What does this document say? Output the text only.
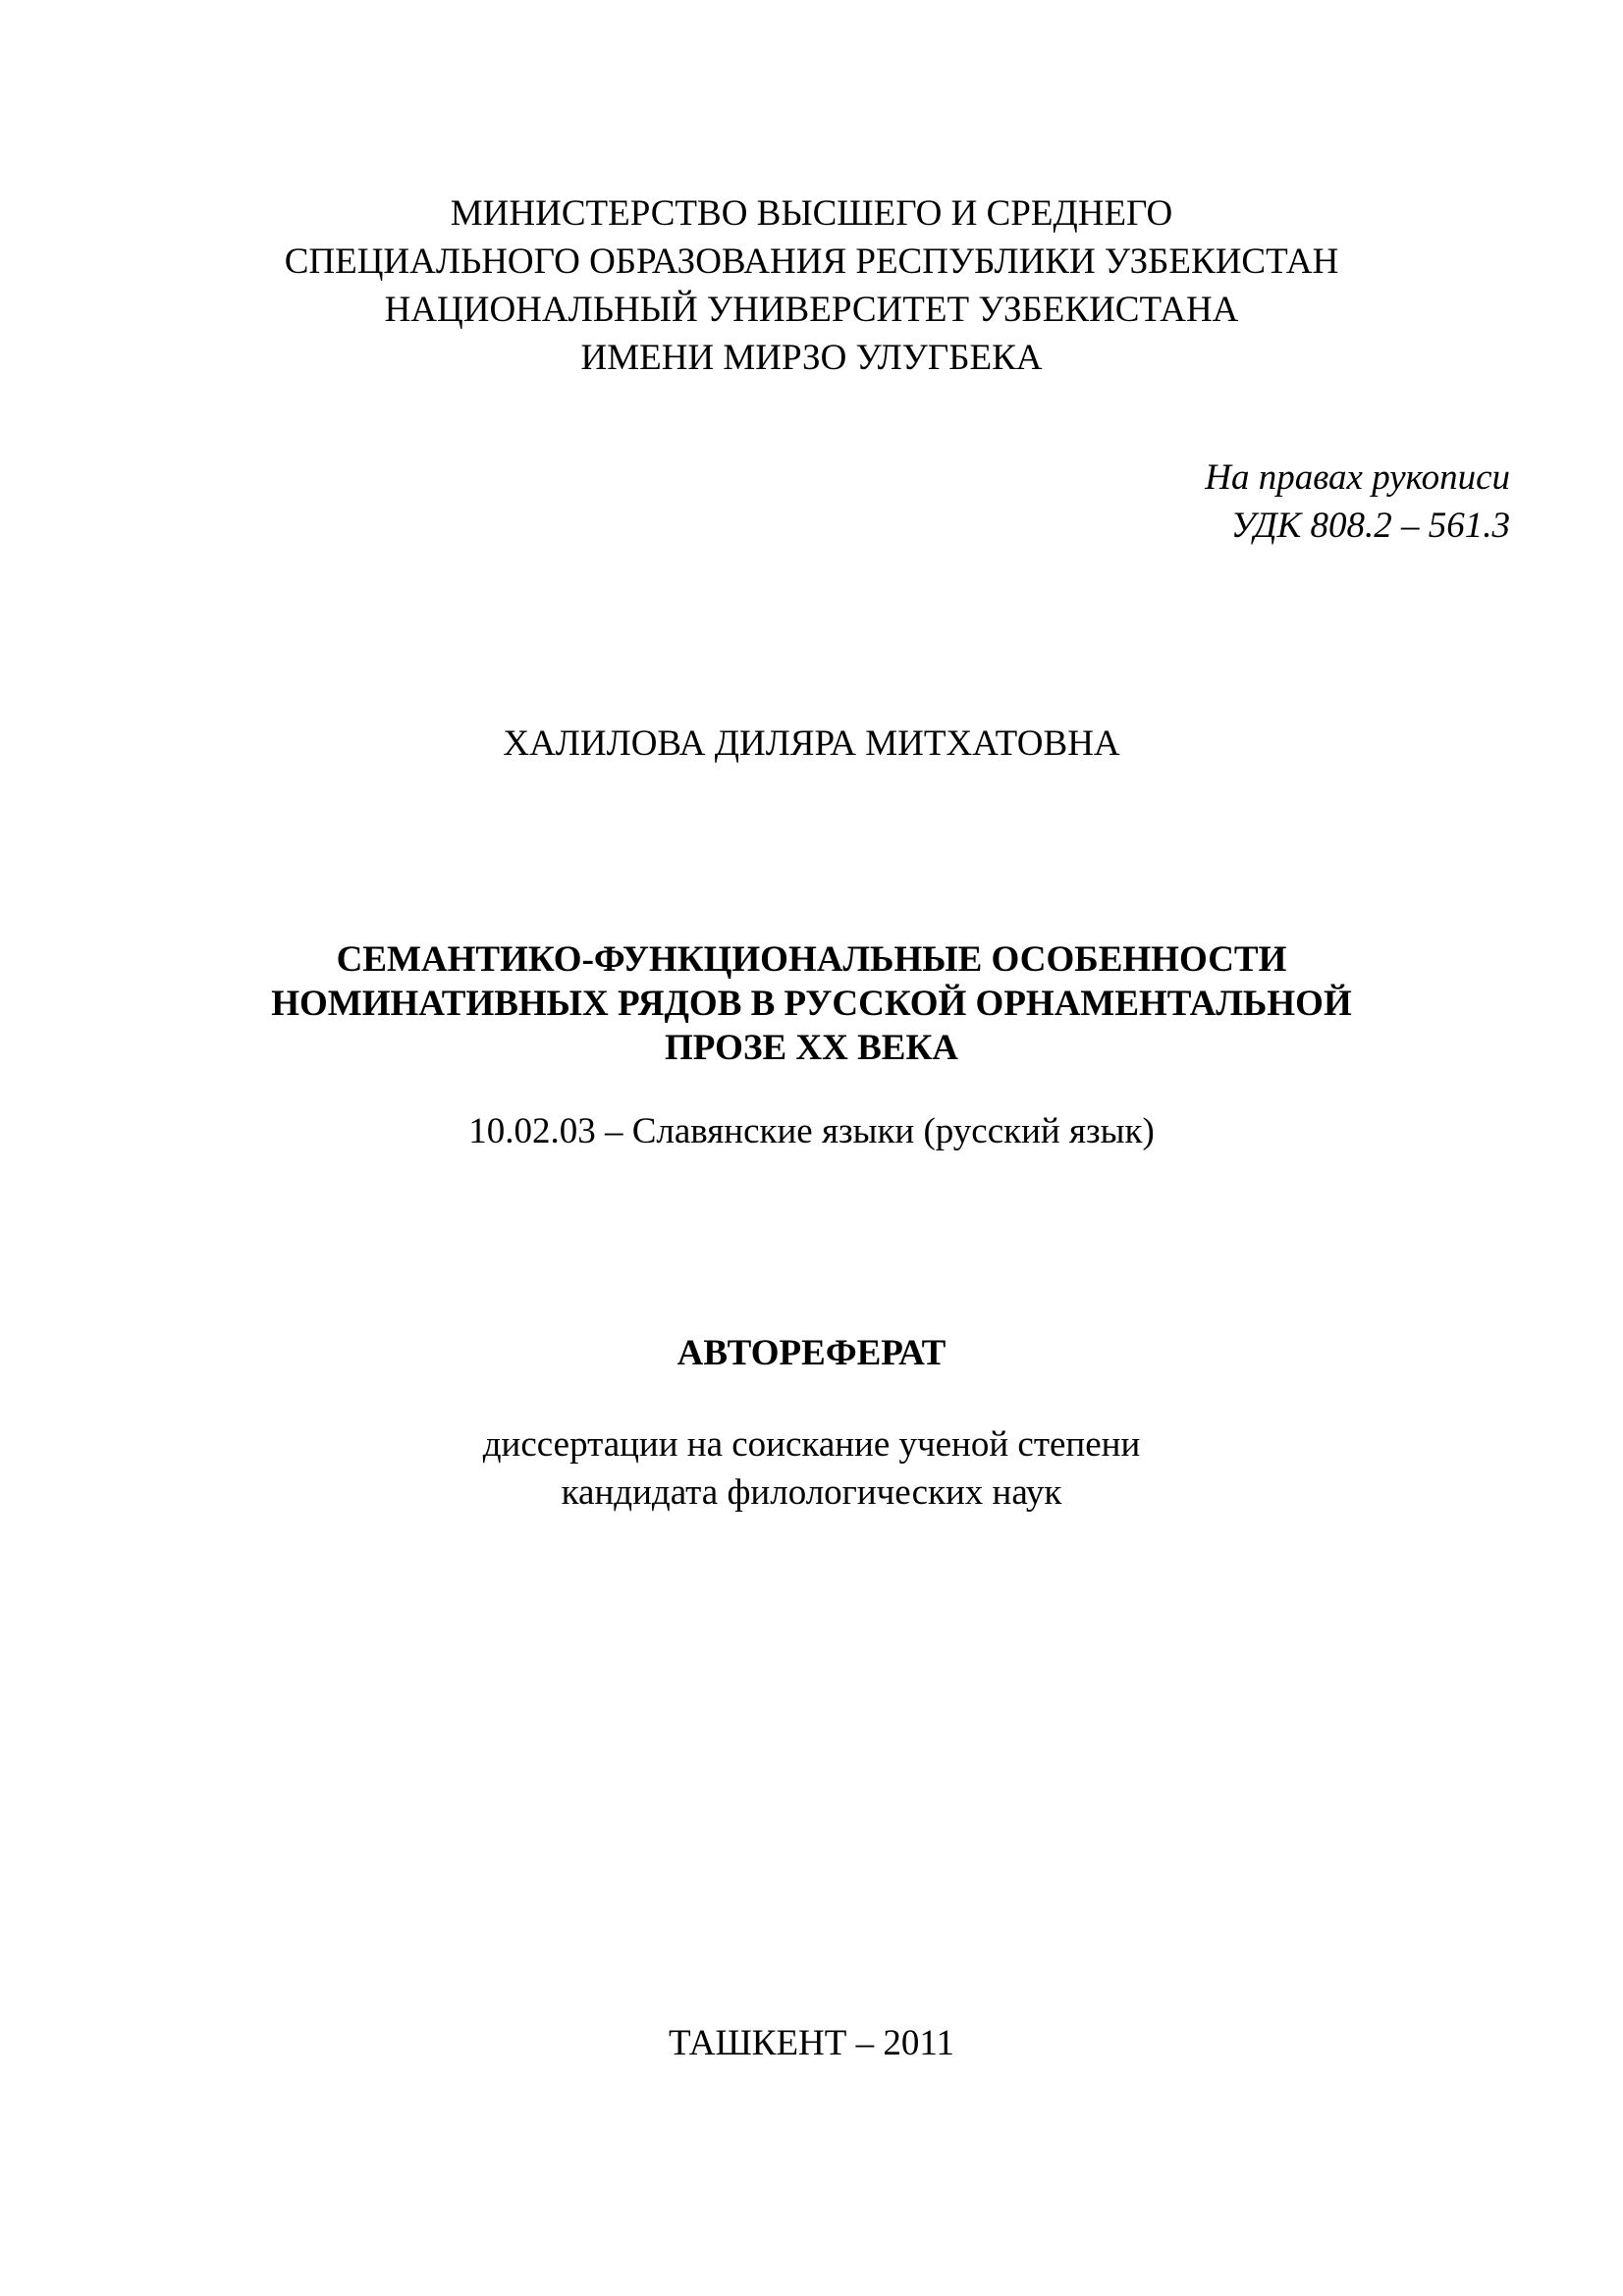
МИНИСТЕРСТВО ВЫСШЕГО И СРЕДНЕГО
СПЕЦИАЛЬНОГО ОБРАЗОВАНИЯ РЕСПУБЛИКИ УЗБЕКИСТАН
НАЦИОНАЛЬНЫЙ УНИВЕРСИТЕТ УЗБЕКИСТАНА
ИМЕНИ МИРЗО УЛУГБЕКА
На правах рукописи
УДК 808.2 – 561.3
ХАЛИЛОВА ДИЛЯРА МИТХАТОВНА
СЕМАНТИКО-ФУНКЦИОНАЛЬНЫЕ ОСОБЕННОСТИ
НОМИНАТИВНЫХ РЯДОВ В РУССКОЙ ОРНАМЕНТАЛЬНОЙ
ПРОЗЕ XX ВЕКА
10.02.03 – Славянские языки (русский язык)
АВТОРЕФЕРАТ
диссертации на соискание ученой степени
кандидата филологических наук
ТАШКЕНТ – 2011
